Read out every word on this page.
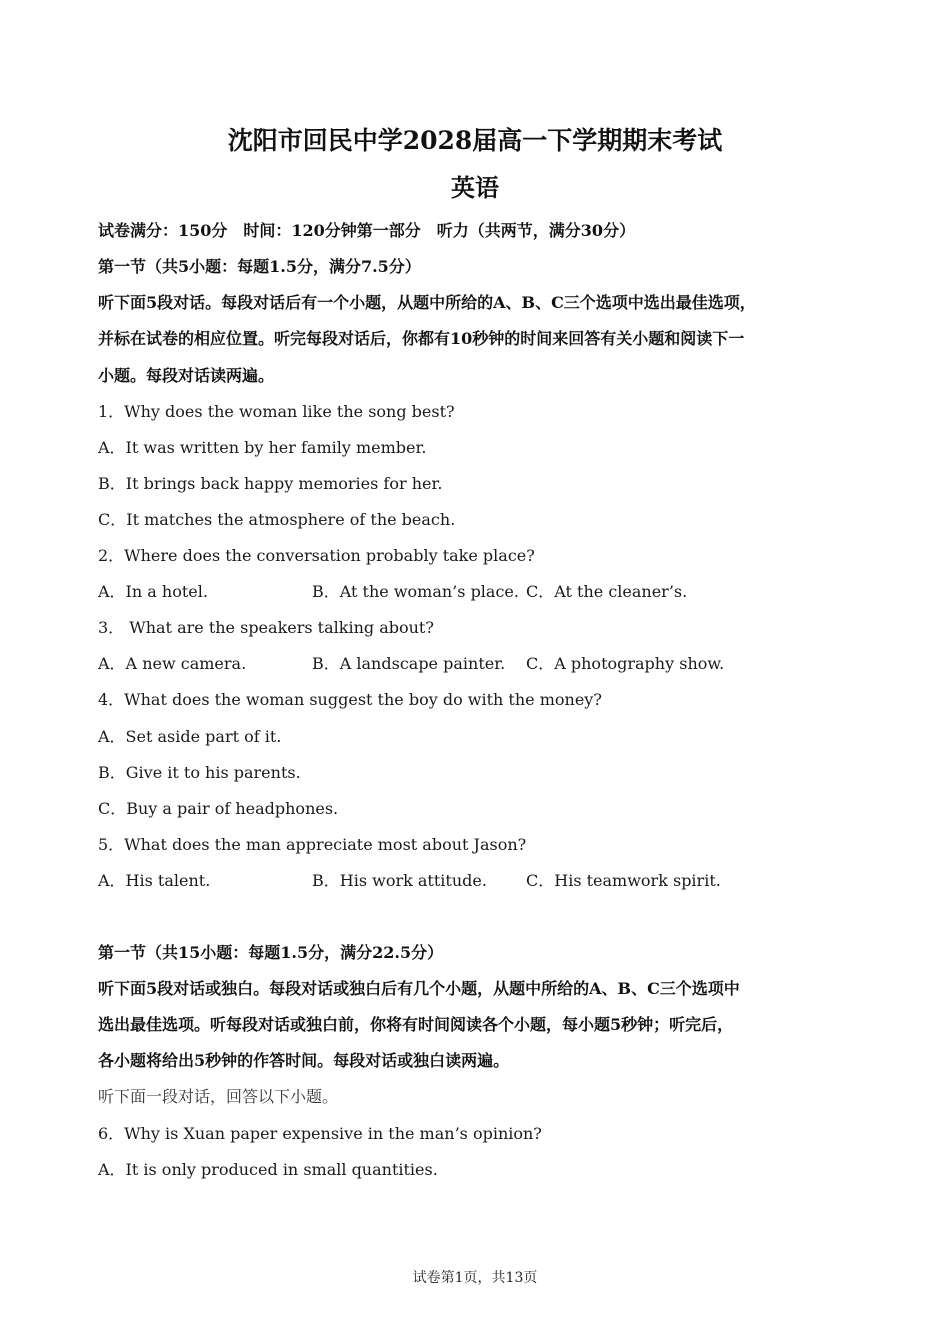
沈阳市回民中学2028届高一下学期期末考试
英语
试卷满分：150分　时间：120分钟第一部分　听力（共两节，满分30分）
第一节（共5小题：每题1.5分，满分7.5分）
听下面5段对话。每段对话后有一个小题，从题中所给的A、B、C三个选项中选出最佳选项，
并标在试卷的相应位置。听完每段对话后，你都有10秒钟的时间来回答有关小题和阅读下一
小题。每段对话读两遍。
1．Why does the woman like the song best?
A．It was written by her family member.
B．It brings back happy memories for her.
C．It matches the atmosphere of the beach.
2．Where does the conversation probably take place?
A．In a hotel.	B．At the woman’s place. C．At the cleaner’s.
3． What are the speakers talking about?
A．A new camera.	B．A landscape painter. C．A photography show.
4．What does the woman suggest the boy do with the money?
A．Set aside part of it.
B．Give it to his parents.
C．Buy a pair of headphones.
5．What does the man appreciate most about Jason?
A．His talent.	B．His work attitude. C．His teamwork spirit.
第一节（共15小题：每题1.5分，满分22.5分）
听下面5段对话或独白。每段对话或独白后有几个小题，从题中所给的A、B、C三个选项中
选出最佳选项。听每段对话或独白前，你将有时间阅读各个小题，每小题5秒钟；听完后，
各小题将给出5秒钟的作答时间。每段对话或独白读两遍。
听下面一段对话，回答以下小题。
6．Why is Xuan paper expensive in the man’s opinion?
A．It is only produced in small quantities.
试卷第1页，共13页
